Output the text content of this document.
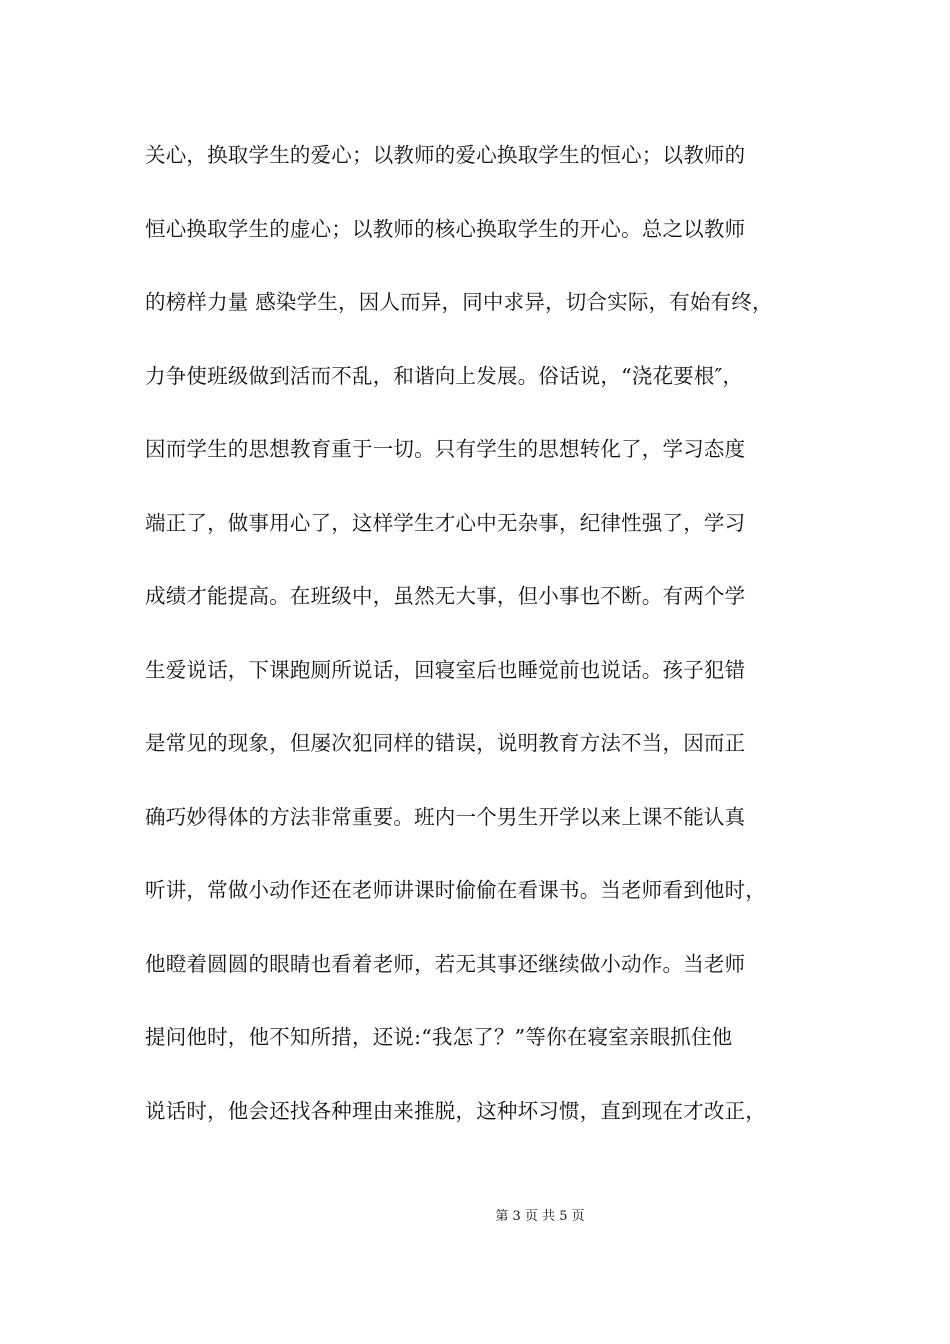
关心，换取学生的爱心；以教师的爱心换取学生的恒心；以教师的
恒心换取学生的虚心；以教师的核心换取学生的开心。总之以教师
的榜样力量 感染学生，因人而异，同中求异，切合实际，有始有终，
力争使班级做到活而不乱，和谐向上发展。俗话说，“浇花要根″，
因而学生的思想教育重于一切。只有学生的思想转化了，学习态度
端正了，做事用心了，这样学生才心中无杂事，纪律性强了，学习
成绩才能提高。在班级中，虽然无大事，但小事也不断。有两个学
生爱说话，下课跑厕所说话，回寝室后也睡觉前也说话。孩子犯错
是常见的现象，但屡次犯同样的错误，说明教育方法不当，因而正
确巧妙得体的方法非常重要。班内一个男生开学以来上课不能认真
听讲，常做小动作还在老师讲课时偷偷在看课书。当老师看到他时，
他瞪着圆圆的眼睛也看着老师，若无其事还继续做小动作。当老师
提问他时，他不知所措，还说:“我怎了？”等你在寝室亲眼抓住他
说话时，他会还找各种理由来推脱，这种坏习惯，直到现在才改正，
第 3 页 共 5 页
